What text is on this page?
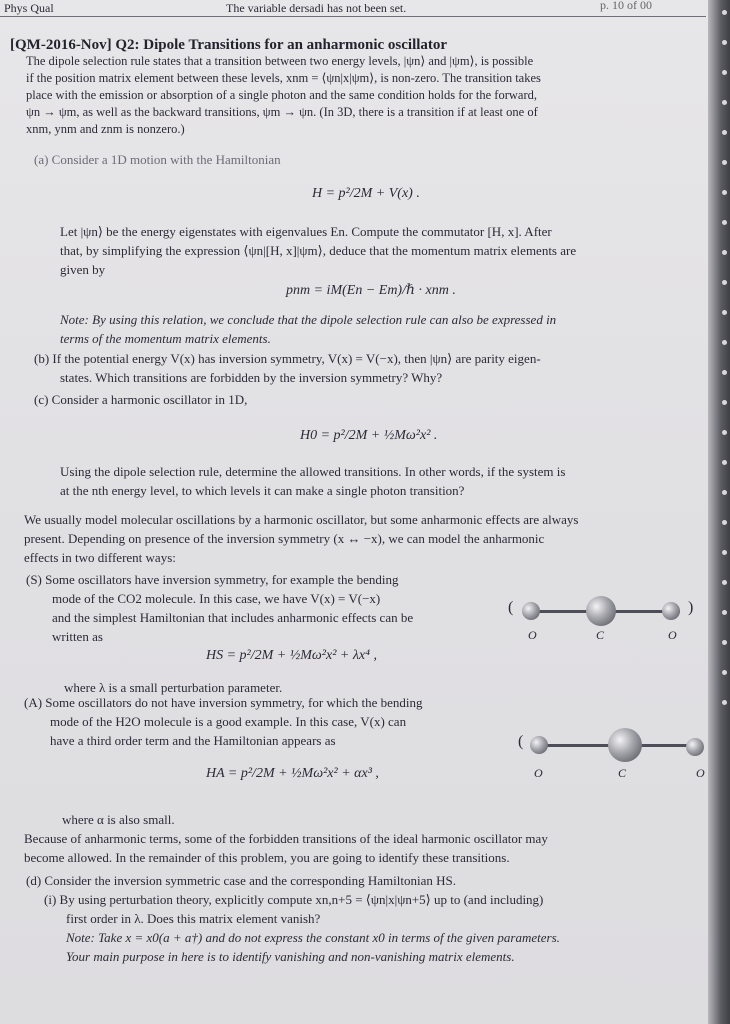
Phys Qual	The variable dersadi has not been set.	p. 10 of 00
[QM-2016-Nov] Q2: Dipole Transitions for an anharmonic oscillator
The dipole selection rule states that a transition between two energy levels, |ψn⟩ and |ψm⟩, is possible
if the position matrix element between these levels, xnm = ⟨ψn|x|ψm⟩, is non-zero. The transition takes
place with the emission or absorption of a single photon and the same condition holds for the forward,
ψn → ψm, as well as the backward transitions, ψm → ψn. (In 3D, there is a transition if at least one of
xnm, ynm and znm is nonzero.)
(a) Consider a 1D motion with the Hamiltonian
H = p²/2M + V(x) .
Let |ψn⟩ be the energy eigenstates with eigenvalues En. Compute the commutator [H, x]. After
that, by simplifying the expression ⟨ψn|[H, x]|ψm⟩, deduce that the momentum matrix elements are
given by
pnm = iM(En − Em)/ℏ · xnm .
Note: By using this relation, we conclude that the dipole selection rule can also be expressed in
terms of the momentum matrix elements.
(b) If the potential energy V(x) has inversion symmetry, V(x) = V(−x), then |ψn⟩ are parity eigen-
states. Which transitions are forbidden by the inversion symmetry? Why?
(c) Consider a harmonic oscillator in 1D,
H0 = p²/2M + ½Mω²x² .
Using the dipole selection rule, determine the allowed transitions. In other words, if the system is
at the nth energy level, to which levels it can make a single photon transition?
We usually model molecular oscillations by a harmonic oscillator, but some anharmonic effects are always
present. Depending on presence of the inversion symmetry (x ↔ −x), we can model the anharmonic
effects in two different ways:
(S) Some oscillators have inversion symmetry, for example the bending
mode of the CO2 molecule. In this case, we have V(x) = V(−x)
and the simplest Hamiltonian that includes anharmonic effects can be
written as
HS = p²/2M + ½Mω²x² + λx⁴ ,
where λ is a small perturbation parameter.
(	)
O	C	O
(A) Some oscillators do not have inversion symmetry, for which the bending
mode of the H2O molecule is a good example. In this case, V(x) can
have a third order term and the Hamiltonian appears as
HA = p²/2M + ½Mω²x² + αx³ ,
(
O	C	O
where α is also small.
Because of anharmonic terms, some of the forbidden transitions of the ideal harmonic oscillator may
become allowed. In the remainder of this problem, you are going to identify these transitions.
(d) Consider the inversion symmetric case and the corresponding Hamiltonian HS.
(i) By using perturbation theory, explicitly compute xn,n+5 = ⟨ψn|x|ψn+5⟩ up to (and including)
first order in λ. Does this matrix element vanish?
Note: Take x = x0(a + a†) and do not express the constant x0 in terms of the given parameters.
Your main purpose in here is to identify vanishing and non-vanishing matrix elements.
